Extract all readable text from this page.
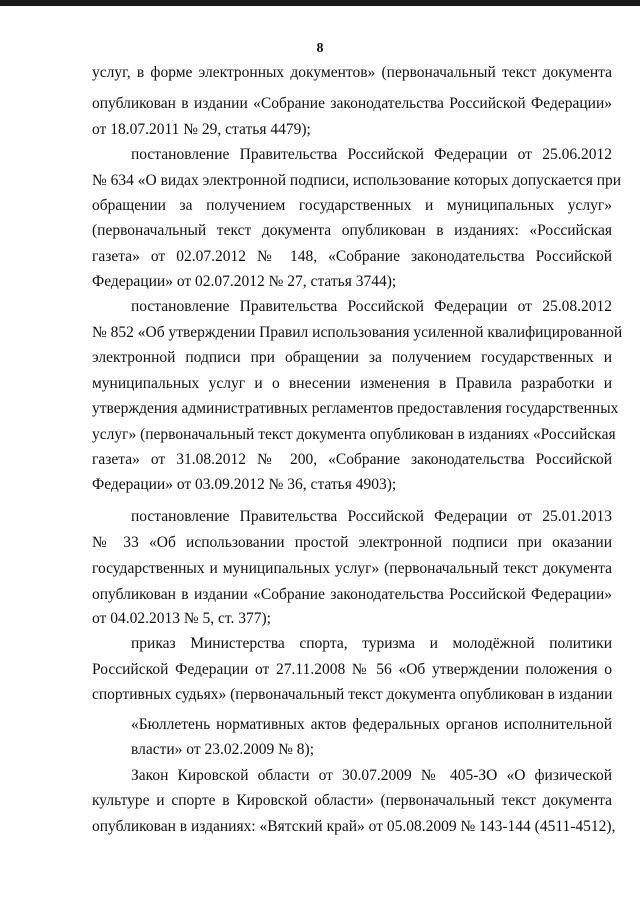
8
услуг, в форме электронных документов» (первоначальный текст документа
опубликован в издании «Собрание законодательства Российской Федерации»
от 18.07.2011 № 29, статья 4479);
постановление Правительства Российской Федерации от 25.06.2012
№ 634 «О видах электронной подписи, использование которых допускается при
обращении за получением государственных и муниципальных услуг»
(первоначальный текст документа опубликован в изданиях: «Российская
газета» от 02.07.2012 № 148, «Собрание законодательства Российской
Федерации» от 02.07.2012 № 27, статья 3744);
постановление Правительства Российской Федерации от 25.08.2012
№ 852 «Об утверждении Правил использования усиленной квалифицированной
электронной подписи при обращении за получением государственных и
муниципальных услуг и о внесении изменения в Правила разработки и
утверждения административных регламентов предоставления государственных
услуг» (первоначальный текст документа опубликован в изданиях «Российская
газета» от 31.08.2012 № 200, «Собрание законодательства Российской
Федерации» от 03.09.2012 № 36, статья 4903);
постановление Правительства Российской Федерации от 25.01.2013
№ 33 «Об использовании простой электронной подписи при оказании
государственных и муниципальных услуг» (первоначальный текст документа
опубликован в издании «Собрание законодательства Российской Федерации»
от 04.02.2013 № 5, ст. 377);
приказ Министерства спорта, туризма и молодёжной политики
Российской Федерации от 27.11.2008 № 56 «Об утверждении положения о
спортивных судьях» (первоначальный текст документа опубликован в издании
«Бюллетень нормативных актов федеральных органов исполнительной
власти» от 23.02.2009 № 8);
Закон Кировской области от 30.07.2009 № 405-ЗО «О физической
культуре и спорте в Кировской области» (первоначальный текст документа
опубликован в изданиях: «Вятский край» от 05.08.2009 № 143-144 (4511-4512),
